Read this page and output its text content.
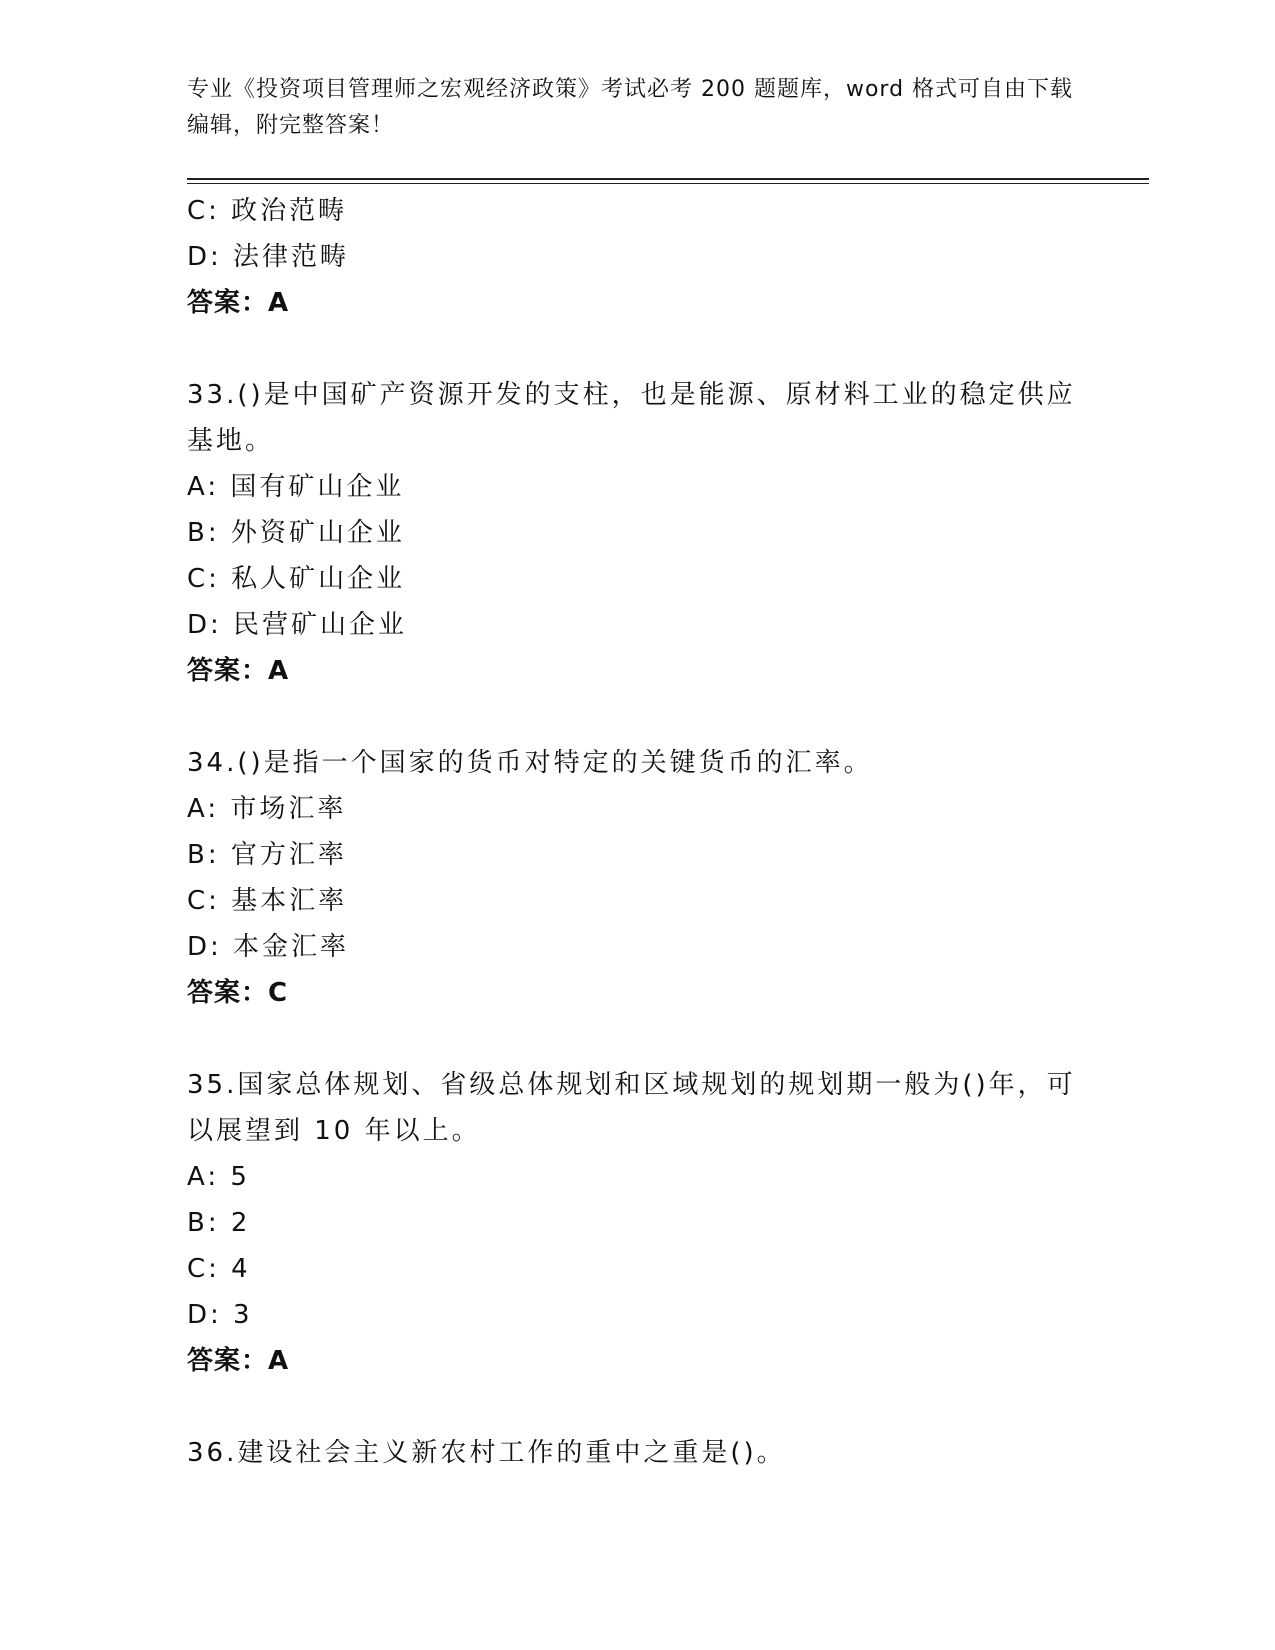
专业《投资项目管理师之宏观经济政策》考试必考 200 题题库，word 格式可自由下载编辑，附完整答案！
C: 政治范畴
D: 法律范畴
答案：A
33.()是中国矿产资源开发的支柱，也是能源、原材料工业的稳定供应基地。
A: 国有矿山企业
B: 外资矿山企业
C: 私人矿山企业
D: 民营矿山企业
答案：A
34.()是指一个国家的货币对特定的关键货币的汇率。
A: 市场汇率
B: 官方汇率
C: 基本汇率
D: 本金汇率
答案：C
35.国家总体规划、省级总体规划和区域规划的规划期一般为()年，可以展望到 10 年以上。
A: 5
B: 2
C: 4
D: 3
答案：A
36.建设社会主义新农村工作的重中之重是()。
